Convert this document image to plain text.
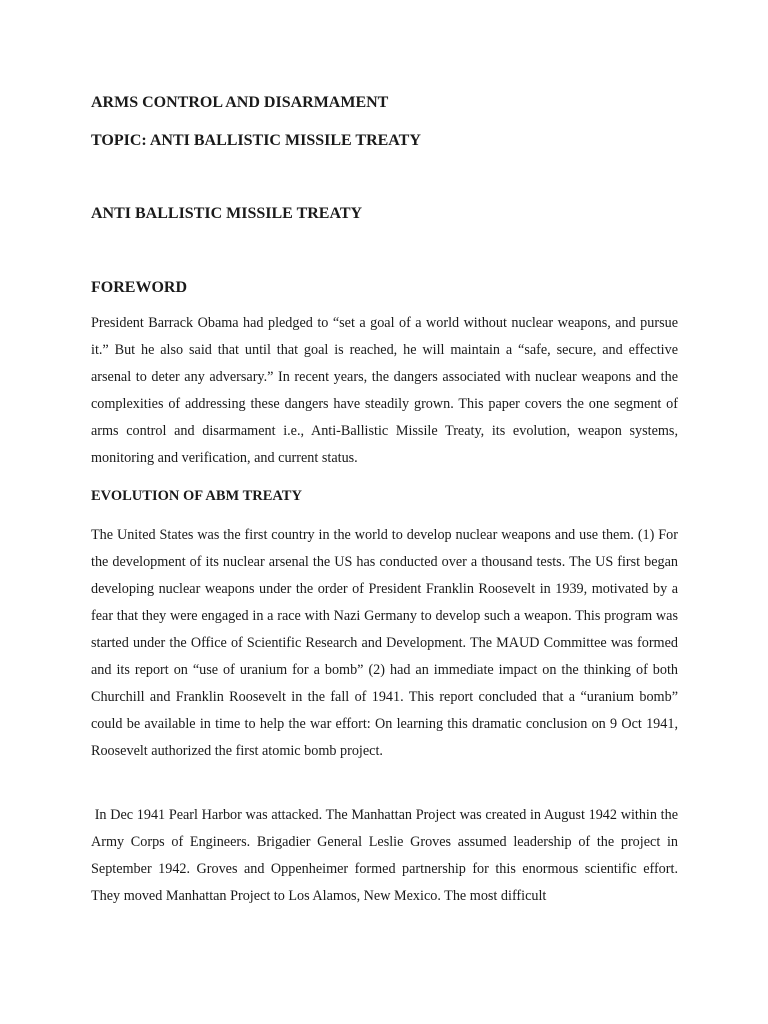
ARMS CONTROL AND DISARMAMENT
TOPIC: ANTI BALLISTIC MISSILE TREATY
ANTI BALLISTIC MISSILE TREATY
FOREWORD

President Barrack Obama had pledged to “set a goal of a world without nuclear weapons, and pursue it.” But he also said that until that goal is reached, he will maintain a “safe, secure, and effective arsenal to deter any adversary.” In recent years, the dangers associated with nuclear weapons and the complexities of addressing these dangers have steadily grown. This paper covers the one segment of arms control and disarmament i.e., Anti-Ballistic Missile Treaty, its evolution, weapon systems, monitoring and verification, and current status.

EVOLUTION OF ABM TREATY

The United States was the first country in the world to develop nuclear weapons and use them. (1) For the development of its nuclear arsenal the US has conducted over a thousand tests. The US first began developing nuclear weapons under the order of President Franklin Roosevelt in 1939, motivated by a fear that they were engaged in a race with Nazi Germany to develop such a weapon. This program was started under the Office of Scientific Research and Development. The MAUD Committee was formed and its report on “use of uranium for a bomb” (2) had an immediate impact on the thinking of both Churchill and Franklin Roosevelt in the fall of 1941. This report concluded that a “uranium bomb” could be available in time to help the war effort: On learning this dramatic conclusion on 9 Oct 1941, Roosevelt authorized the first atomic bomb project.

In Dec 1941 Pearl Harbor was attacked. The Manhattan Project was created in August 1942 within the Army Corps of Engineers. Brigadier General Leslie Groves assumed leadership of the project in September 1942. Groves and Oppenheimer formed partnership for this enormous scientific effort. They moved Manhattan Project to Los Alamos, New Mexico. The most difficult
